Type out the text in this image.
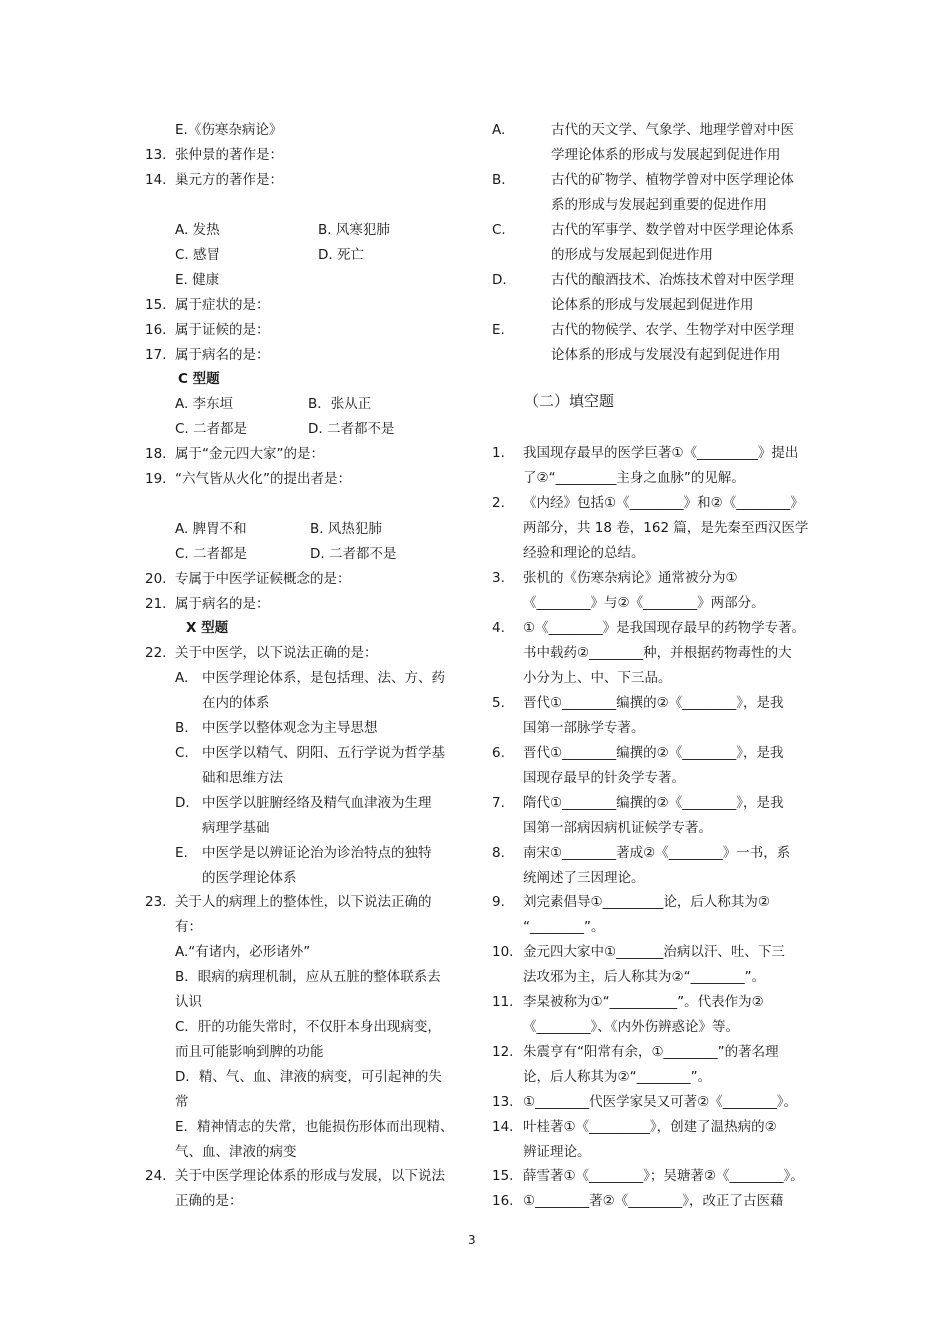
E.《伤寒杂病论》
13. 张仲景的著作是：
14. 巢元方的著作是：
A. 发热	B. 风寒犯肺
C. 感冒	D. 死亡
E. 健康
15. 属于症状的是：
16. 属于证候的是：
17. 属于病名的是：
C 型题
A. 李东垣	B．张从正
C. 二者都是	D. 二者都不是
18. 属于“金元四大家”的是：
19. “六气皆从火化”的提出者是：
A. 脾胃不和	B. 风热犯肺
C. 二者都是	D. 二者都不是
20. 专属于中医学证候概念的是：
21. 属于病名的是：
X 型题
22. 关于中医学，以下说法正确的是：
A. 中医学理论体系，是包括理、法、方、药
在内的体系
B. 中医学以整体观念为主导思想
C. 中医学以精气、阴阳、五行学说为哲学基
础和思维方法
D. 中医学以脏腑经络及精气血津液为生理
病理学基础
E. 中医学是以辨证论治为诊治特点的独特
的医学理论体系
23. 关于人的病理上的整体性，以下说法正确的
有：
A.“有诸内，必形诸外”
B．眼病的病理机制，应从五脏的整体联系去
认识
C．肝的功能失常时，不仅肝本身出现病变，
而且可能影响到脾的功能
D．精、气、血、津液的病变，可引起神的失
常
E．精神情志的失常，也能损伤形体而出现精、
气、血、津液的病变
24. 关于中医学理论体系的形成与发展，以下说法
正确的是：
A.	古代的天文学、气象学、地理学曾对中医
学理论体系的形成与发展起到促进作用
B.	古代的矿物学、植物学曾对中医学理论体
系的形成与发展起到重要的促进作用
C.	古代的军事学、数学曾对中医学理论体系
的形成与发展起到促进作用
D.	古代的酿酒技术、冶炼技术曾对中医学理
论体系的形成与发展起到促进作用
E.	古代的物候学、农学、生物学对中医学理
论体系的形成与发展没有起到促进作用
（二）填空题
1. 我国现存最早的医学巨著①《_________》提出
了②“_________主身之血脉”的见解。
2. 《内经》包括①《________》和②《________》
两部分，共 18 卷，162 篇，是先秦至西汉医学
经验和理论的总结。
3. 张机的《伤寒杂病论》通常被分为①
《________》与②《________》两部分。
4. ①《________》是我国现存最早的药物学专著。
书中载药②________种，并根据药物毒性的大
小分为上、中、下三品。
5. 晋代①________编撰的②《________》，是我
国第一部脉学专著。
6. 晋代①________编撰的②《________》，是我
国现存最早的针灸学专著。
7. 隋代①________编撰的②《________》，是我
国第一部病因病机证候学专著。
8. 南宋①________著成②《________》一书，系
统阐述了三因理论。
9. 刘完素倡导①_________论，后人称其为②
“________”。
10. 金元四大家中①_______治病以汗、吐、下三
法攻邪为主，后人称其为②“________”。
11. 李杲被称为①“__________”。代表作为②
《________》、《内外伤辨惑论》等。
12. 朱震亨有“阳常有余，①________”的著名理
论，后人称其为②“________”。
13. ①________代医学家吴又可著②《________》。
14. 叶桂著①《_________》，创建了温热病的②
辨证理论。
15. 薛雪著①《________》；吴瑭著②《________》。
16. ①________著②《________》，改正了古医藉
3
